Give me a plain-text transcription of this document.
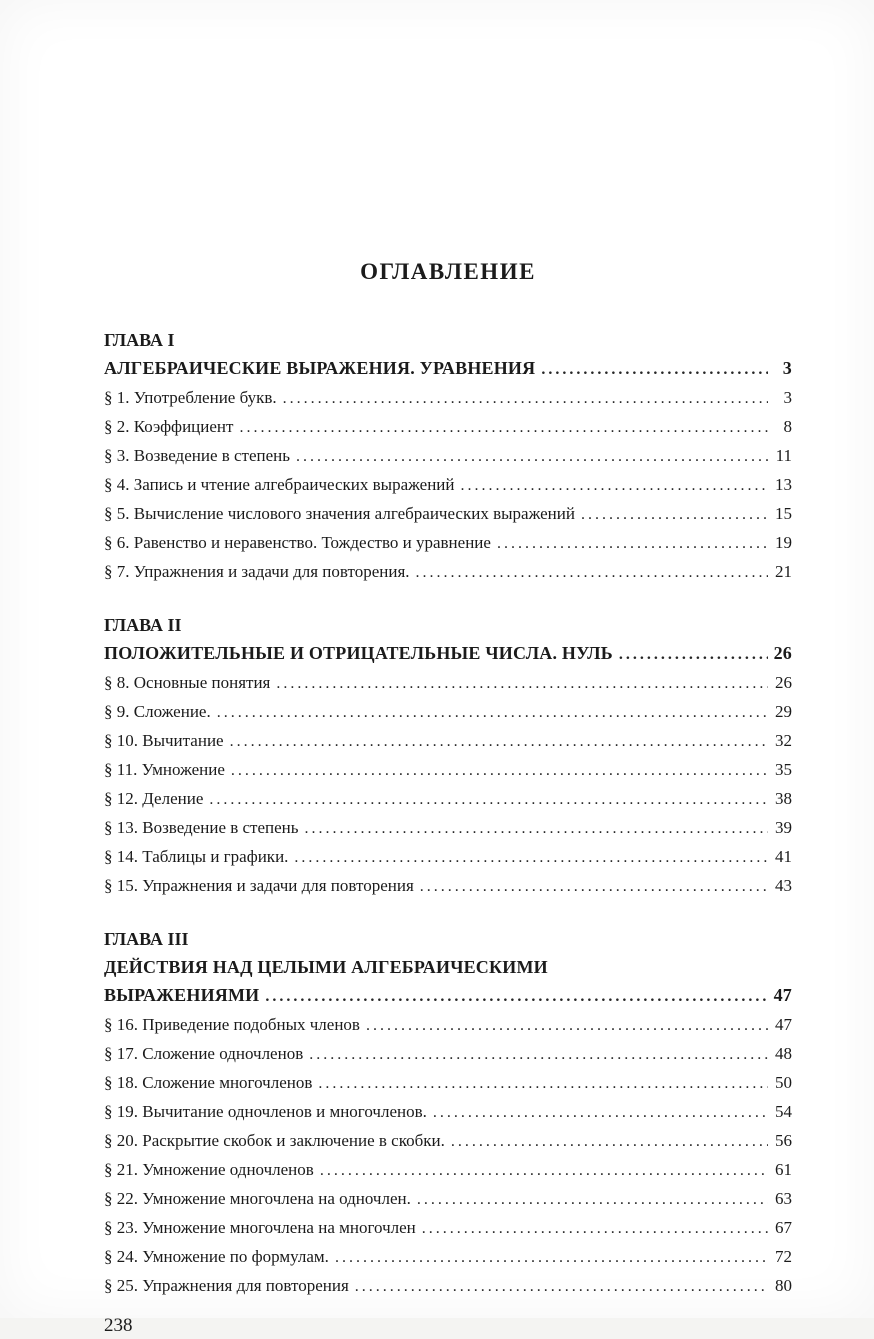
ОГЛАВЛЕНИЕ
ГЛАВА I
АЛГЕБРАИЧЕСКИЕ ВЫРАЖЕНИЯ. УРАВНЕНИЯ .....	3
§ 1. Употребление букв. .....	3
§ 2. Коэффициент .....	8
§ 3. Возведение в степень .....	11
§ 4. Запись и чтение алгебраических выражений .....	13
§ 5. Вычисление числового значения алгебраических выражений .....	15
§ 6. Равенство и неравенство. Тождество и уравнение .....	19
§ 7. Упражнения и задачи для повторения. .....	21
ГЛАВА II
ПОЛОЖИТЕЛЬНЫЕ И ОТРИЦАТЕЛЬНЫЕ ЧИСЛА. НУЛЬ .....	26
§ 8. Основные понятия .....	26
§ 9. Сложение. .....	29
§ 10. Вычитание .....	32
§ 11. Умножение .....	35
§ 12. Деление .....	38
§ 13. Возведение в степень .....	39
§ 14. Таблицы и графики. .....	41
§ 15. Упражнения и задачи для повторения .....	43
ГЛАВА III
ДЕЙСТВИЯ НАД ЦЕЛЫМИ АЛГЕБРАИЧЕСКИМИ
ВЫРАЖЕНИЯМИ .....	47
§ 16. Приведение подобных членов .....	47
§ 17. Сложение одночленов .....	48
§ 18. Сложение многочленов .....	50
§ 19. Вычитание одночленов и многочленов. .....	54
§ 20. Раскрытие скобок и заключение в скобки. .....	56
§ 21. Умножение одночленов .....	61
§ 22. Умножение многочлена на одночлен. .....	63
§ 23. Умножение многочлена на многочлен .....	67
§ 24. Умножение по формулам. .....	72
§ 25. Упражнения для повторения .....	80
238
